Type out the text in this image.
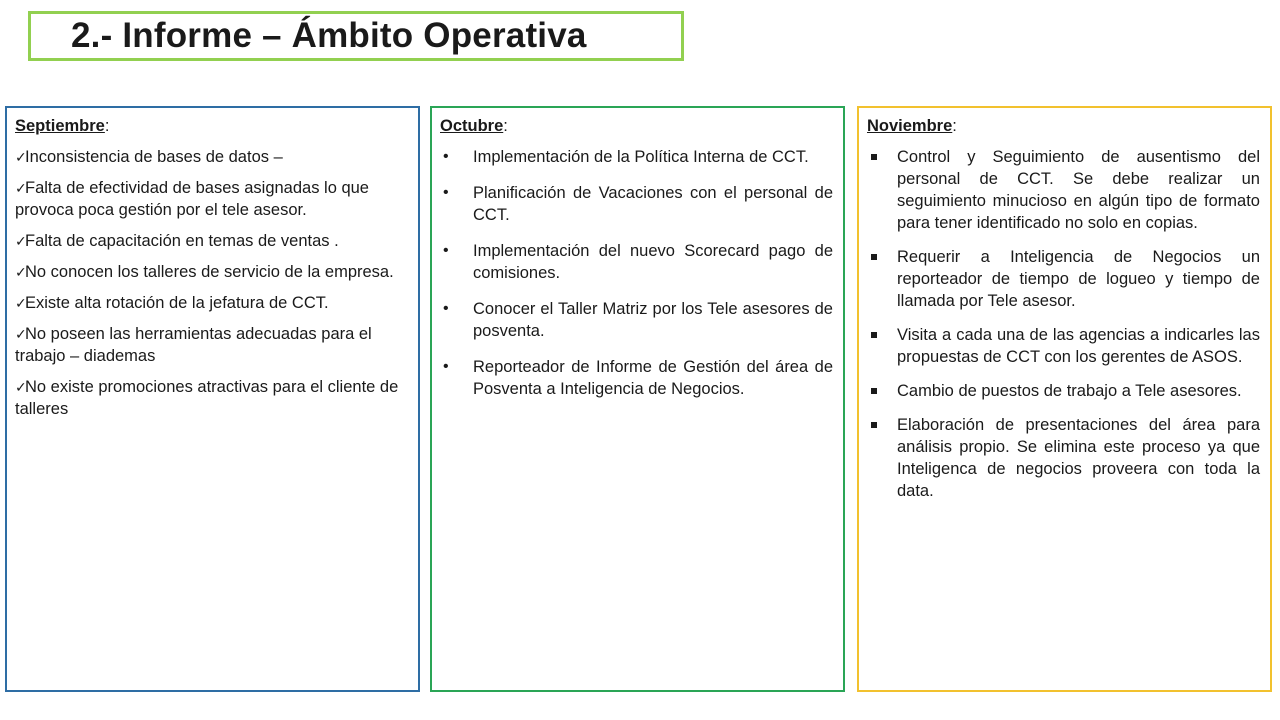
2.- Informe – Ámbito Operativa
Septiembre:
✓Inconsistencia de bases de datos –
✓Falta de efectividad de bases asignadas lo que provoca poca gestión por el tele asesor.
✓Falta de capacitación en temas de ventas .
✓No conocen los talleres de servicio de la empresa.
✓Existe alta rotación de la jefatura de CCT.
✓No poseen las herramientas adecuadas para el trabajo – diademas
✓No existe promociones atractivas para el cliente de talleres
Octubre:
• Implementación de la Política Interna de CCT.
• Planificación de Vacaciones con el personal de CCT.
• Implementación del nuevo Scorecard pago de comisiones.
• Conocer el Taller Matriz por los Tele asesores de posventa.
• Reporteador de Informe de Gestión del área de Posventa a Inteligencia de Negocios.
Noviembre:
Control y Seguimiento de ausentismo del personal de CCT. Se debe realizar un seguimiento minucioso en algún tipo de formato para tener identificado no solo en copias.
Requerir a Inteligencia de Negocios un reporteador de tiempo de logueo y tiempo de llamada por Tele asesor.
Visita a cada una de las agencias a indicarles las propuestas de CCT con los gerentes de ASOS.
Cambio de puestos de trabajo a Tele asesores.
Elaboración de presentaciones del área para análisis propio. Se elimina este proceso ya que Inteligenca de negocios proveera con toda la data.
